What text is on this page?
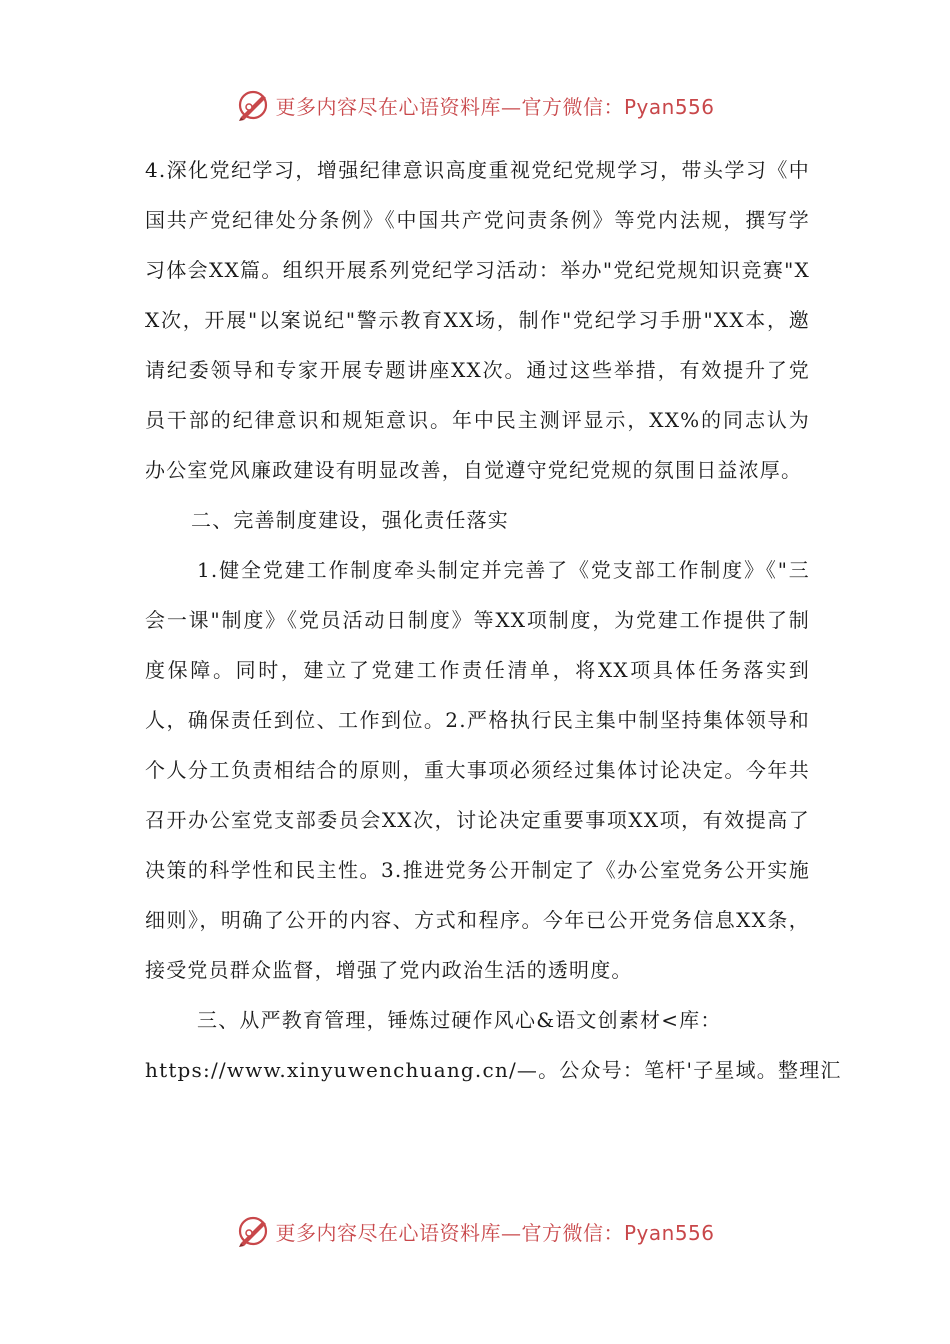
更多内容尽在心语资料库—官方微信：Pyan556

4.深化党纪学习，增强纪律意识高度重视党纪党规学习，带头学习《中国共产党纪律处分条例》《中国共产党问责条例》等党内法规，撰写学习体会XX篇。组织开展系列党纪学习活动：举办"党纪党规知识竞赛"XX次，开展"以案说纪"警示教育XX场，制作"党纪学习手册"XX本，邀请纪委领导和专家开展专题讲座XX次。通过这些举措，有效提升了党员干部的纪律意识和规矩意识。年中民主测评显示，XX%的同志认为办公室党风廉政建设有明显改善，自觉遵守党纪党规的氛围日益浓厚。

二、完善制度建设，强化责任落实

1.健全党建工作制度牵头制定并完善了《党支部工作制度》《"三会一课"制度》《党员活动日制度》等XX项制度，为党建工作提供了制度保障。同时，建立了党建工作责任清单，将XX项具体任务落实到人，确保责任到位、工作到位。2.严格执行民主集中制坚持集体领导和个人分工负责相结合的原则，重大事项必须经过集体讨论决定。今年共召开办公室党支部委员会XX次，讨论决定重要事项XX项，有效提高了决策的科学性和民主性。3.推进党务公开制定了《办公室党务公开实施细则》，明确了公开的内容、方式和程序。今年已公开党务信息XX条，接受党员群众监督，增强了党内政治生活的透明度。

三、从严教育管理，锤炼过硬作风心&语文创素材<库：

https://www.xinyuwenchuang.cn/—。公众号：笔杆'子星域。整理汇

更多内容尽在心语资料库—官方微信：Pyan556
